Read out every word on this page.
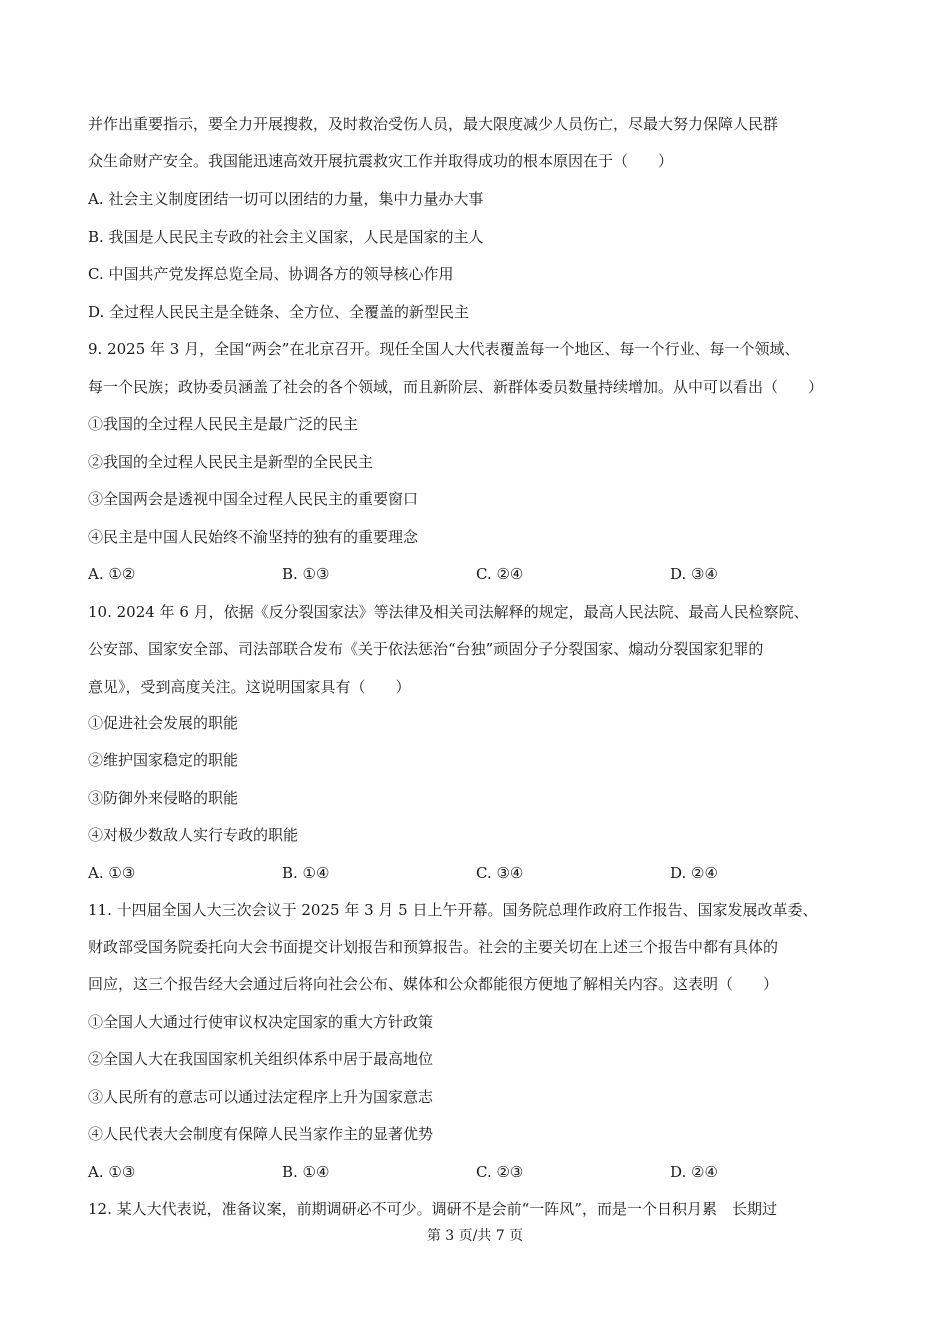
并作出重要指示，要全力开展搜救，及时救治受伤人员，最大限度减少人员伤亡，尽最大努力保障人民群
众生命财产安全。我国能迅速高效开展抗震救灾工作并取得成功的根本原因在于（　　）
A. 社会主义制度团结一切可以团结的力量，集中力量办大事
B. 我国是人民民主专政的社会主义国家，人民是国家的主人
C. 中国共产党发挥总览全局、协调各方的领导核心作用
D. 全过程人民民主是全链条、全方位、全覆盖的新型民主
9. 2025 年 3 月，全国“两会”在北京召开。现任全国人大代表覆盖每一个地区、每一个行业、每一个领域、
每一个民族；政协委员涵盖了社会的各个领域，而且新阶层、新群体委员数量持续增加。从中可以看出（　　）
①我国的全过程人民民主是最广泛的民主
②我国的全过程人民民主是新型的全民民主
③全国两会是透视中国全过程人民民主的重要窗口
④民主是中国人民始终不渝坚持的独有的重要理念
A. ①②	B. ①③	C. ②④	D. ③④
10. 2024 年 6 月，依据《反分裂国家法》等法律及相关司法解释的规定，最高人民法院、最高人民检察院、
公安部、国家安全部、司法部联合发布《关于依法惩治“台独”顽固分子分裂国家、煽动分裂国家犯罪的
意见》，受到高度关注。这说明国家具有（　　）
①促进社会发展的职能
②维护国家稳定的职能
③防御外来侵略的职能
④对极少数敌人实行专政的职能
A. ①③	B. ①④	C. ③④	D. ②④
11. 十四届全国人大三次会议于 2025 年 3 月 5 日上午开幕。国务院总理作政府工作报告、国家发展改革委、
财政部受国务院委托向大会书面提交计划报告和预算报告。社会的主要关切在上述三个报告中都有具体的
回应，这三个报告经大会通过后将向社会公布、媒体和公众都能很方便地了解相关内容。这表明（　　）
①全国人大通过行使审议权决定国家的重大方针政策
②全国人大在我国国家机关组织体系中居于最高地位
③人民所有的意志可以通过法定程序上升为国家意志
④人民代表大会制度有保障人民当家作主的显著优势
A. ①③	B. ①④	C. ②③	D. ②④
12. 某人大代表说，准备议案，前期调研必不可少。调研不是会前“一阵风”，而是一个日积月累　长期过
第 3 页/共 7 页
